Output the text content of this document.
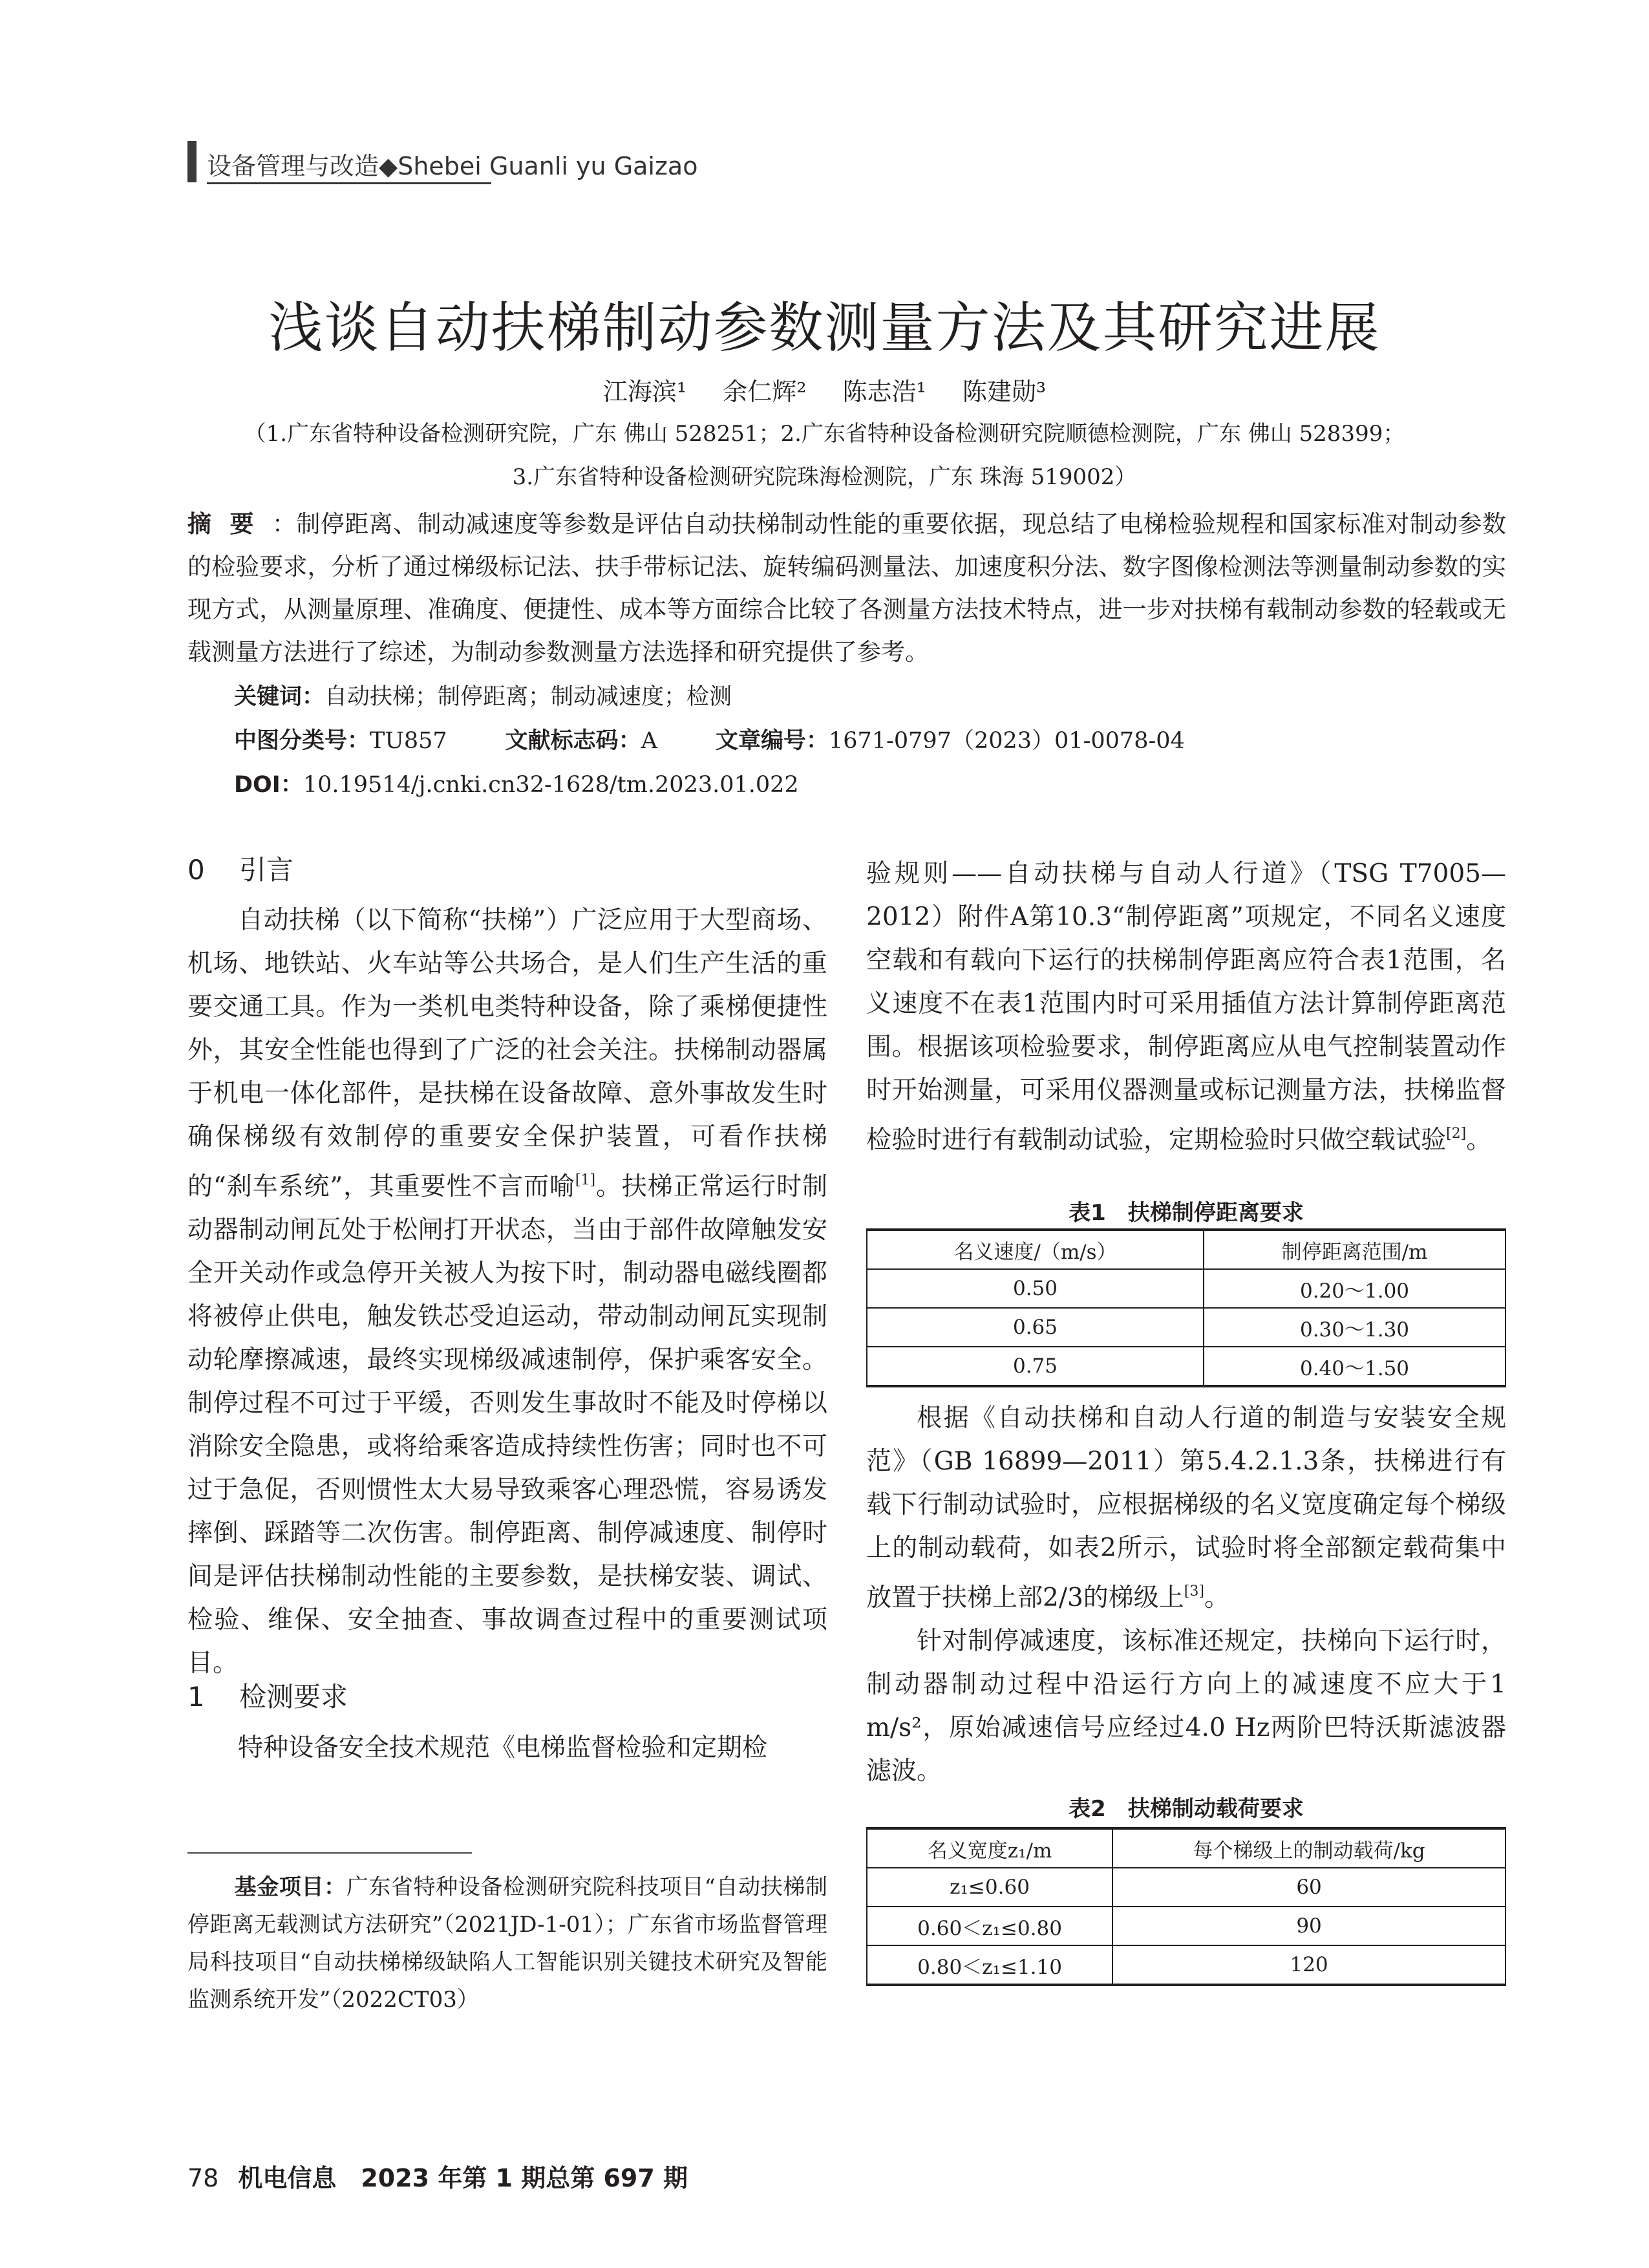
设备管理与改造◆Shebei Guanli yu Gaizao
浅谈自动扶梯制动参数测量方法及其研究进展
江海滨¹ 余仁辉² 陈志浩¹ 陈建勋³
（1.广东省特种设备检测研究院，广东 佛山 528251；2.广东省特种设备检测研究院顺德检测院，广东 佛山 528399；
3.广东省特种设备检测研究院珠海检测院，广东 珠海 519002）
摘要：制停距离、制动减速度等参数是评估自动扶梯制动性能的重要依据，现总结了电梯检验规程和国家标准对制动参数的检验要求，分析了通过梯级标记法、扶手带标记法、旋转编码测量法、加速度积分法、数字图像检测法等测量制动参数的实现方式，从测量原理、准确度、便捷性、成本等方面综合比较了各测量方法技术特点，进一步对扶梯有载制动参数的轻载或无载测量方法进行了综述，为制动参数测量方法选择和研究提供了参考。
关键词：自动扶梯；制停距离；制动减速度；检测
中图分类号：TU857	文献标志码：A	文章编号：1671-0797（2023）01-0078-04
DOI：10.19514/j.cnki.cn32-1628/tm.2023.01.022
0 引言

自动扶梯（以下简称“扶梯”）广泛应用于大型商场、机场、地铁站、火车站等公共场合，是人们生产生活的重要交通工具。作为一类机电类特种设备，除了乘梯便捷性外，其安全性能也得到了广泛的社会关注。扶梯制动器属于机电一体化部件，是扶梯在设备故障、意外事故发生时确保梯级有效制停的重要安全保护装置，可看作扶梯的“刹车系统”，其重要性不言而喻[1]。扶梯正常运行时制动器制动闸瓦处于松闸打开状态，当由于部件故障触发安全开关动作或急停开关被人为按下时，制动器电磁线圈都将被停止供电，触发铁芯受迫运动，带动制动闸瓦实现制动轮摩擦减速，最终实现梯级减速制停，保护乘客安全。制停过程不可过于平缓，否则发生事故时不能及时停梯以消除安全隐患，或将给乘客造成持续性伤害；同时也不可过于急促，否则惯性太大易导致乘客心理恐慌，容易诱发摔倒、踩踏等二次伤害。制停距离、制停减速度、制停时间是评估扶梯制动性能的主要参数，是扶梯安装、调试、检验、维保、安全抽查、事故调查过程中的重要测试项目。

1 检测要求

特种设备安全技术规范《电梯监督检验和定期检

基金项目：广东省特种设备检测研究院科技项目“自动扶梯制停距离无载测试方法研究”（2021JD-1-01）；广东省市场监督管理局科技项目“自动扶梯梯级缺陷人工智能识别关键技术研究及智能监测系统开发”（2022CT03）

验规则——自动扶梯与自动人行道》（TSG T7005—2012）附件A第10.3“制停距离”项规定，不同名义速度空载和有载向下运行的扶梯制停距离应符合表1范围，名义速度不在表1范围内时可采用插值方法计算制停距离范围。根据该项检验要求，制停距离应从电气控制装置动作时开始测量，可采用仪器测量或标记测量方法，扶梯监督检验时进行有载制动试验，定期检验时只做空载试验[2]。

表1　扶梯制停距离要求
名义速度/（m/s）	制停距离范围/m
0.50	0.20～1.00
0.65	0.30～1.30
0.75	0.40～1.50

根据《自动扶梯和自动人行道的制造与安装安全规范》（GB 16899—2011）第5.4.2.1.3条，扶梯进行有载下行制动试验时，应根据梯级的名义宽度确定每个梯级上的制动载荷，如表2所示，试验时将全部额定载荷集中放置于扶梯上部2/3的梯级上[3]。

针对制停减速度，该标准还规定，扶梯向下运行时，制动器制动过程中沿运行方向上的减速度不应大于1 m/s²，原始减速信号应经过4.0 Hz两阶巴特沃斯滤波器滤波。

表2　扶梯制动载荷要求
名义宽度z₁/m	每个梯级上的制动载荷/kg
z₁≤0.60	60
0.60＜z₁≤0.80	90
0.80＜z₁≤1.10	120
78 机电信息　2023 年第 1 期总第 697 期
